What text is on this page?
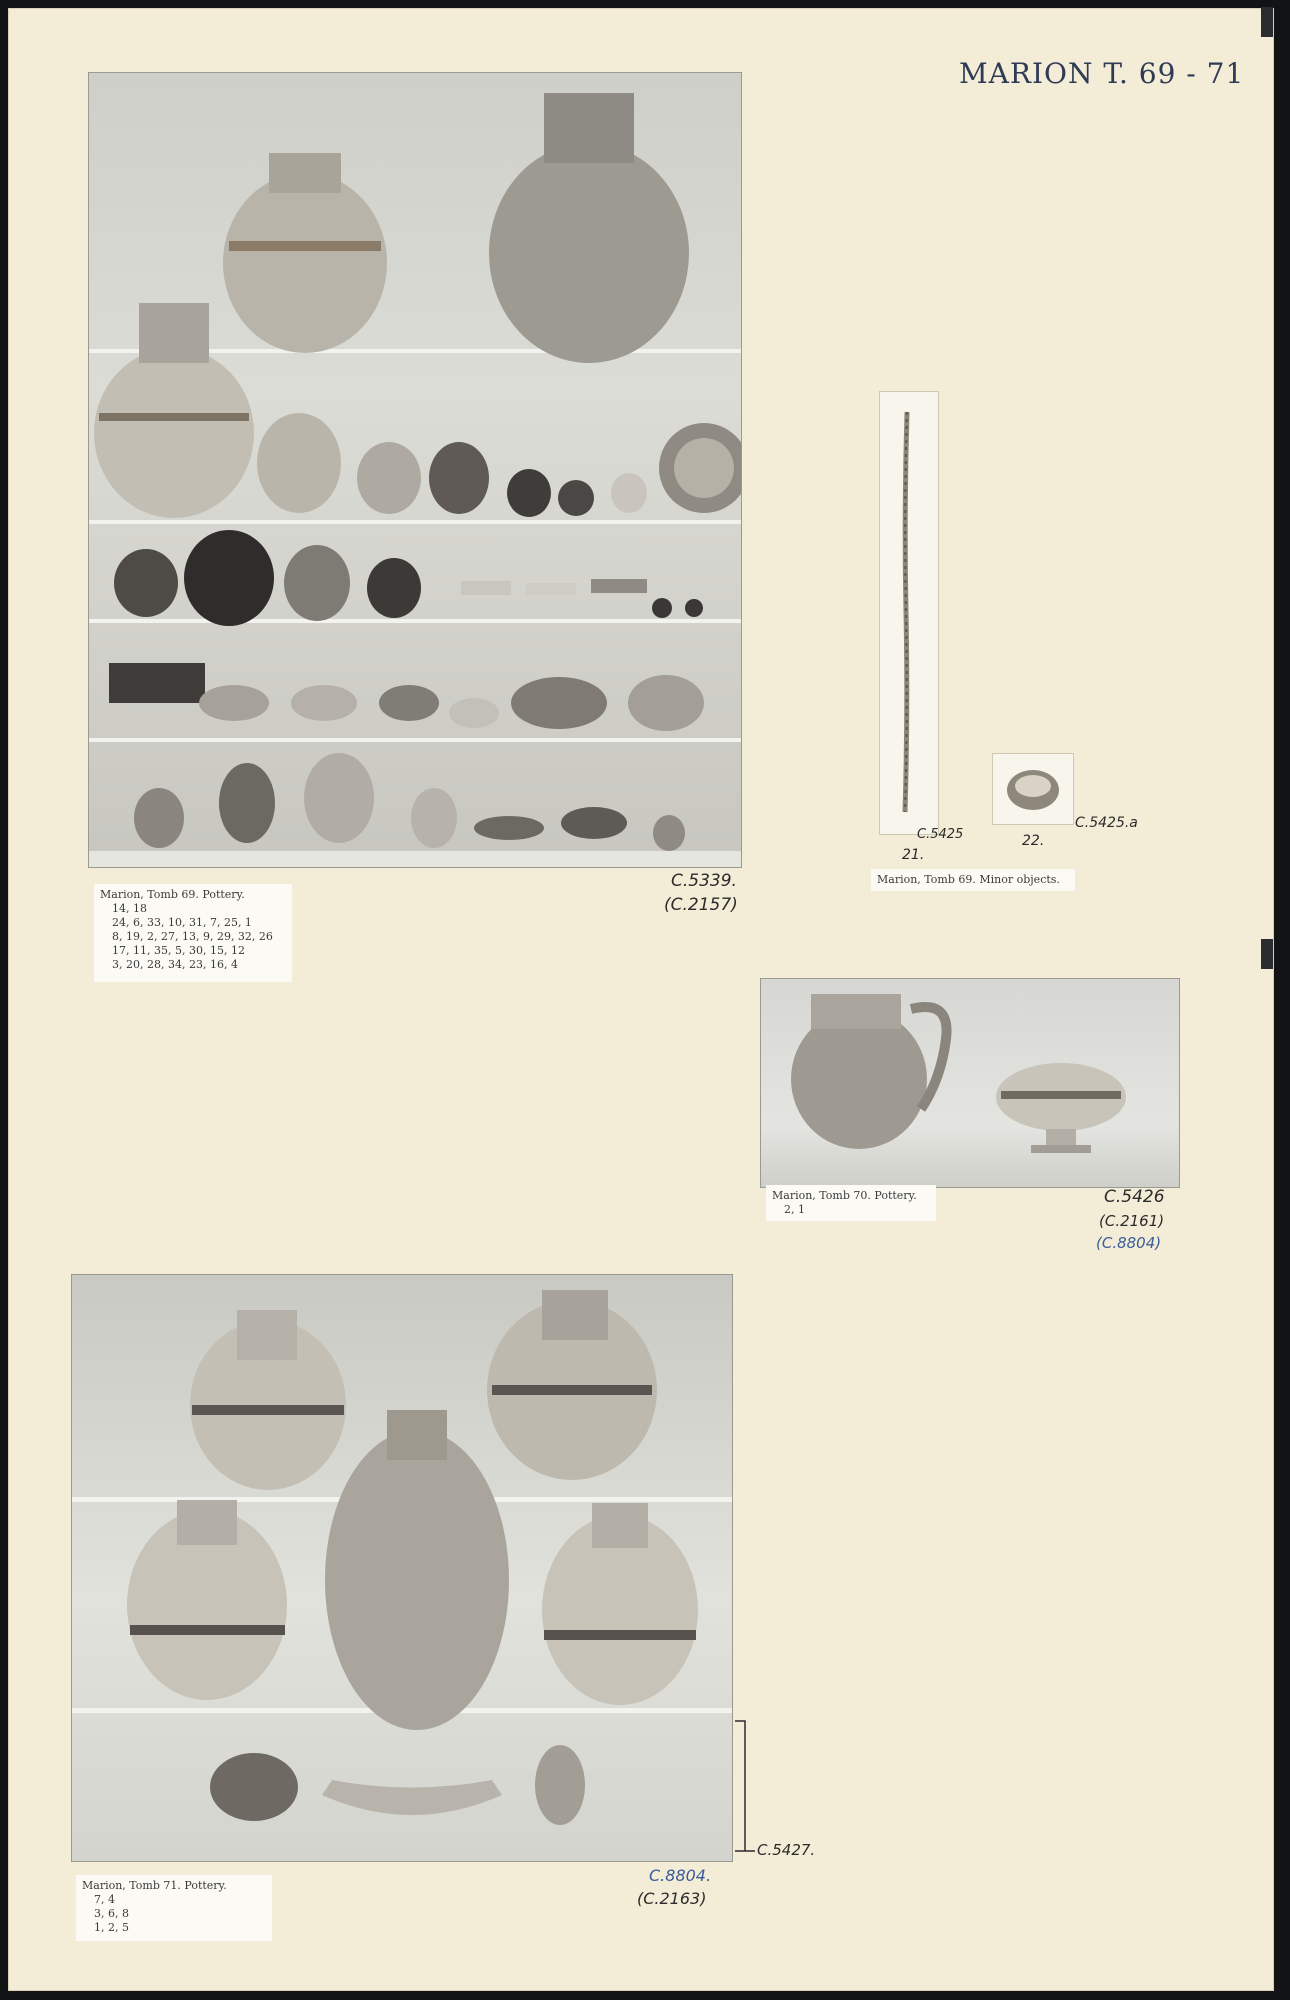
MARION T. 69 - 71
Marion, Tomb 69. Pottery.
14, 18
24, 6, 33, 10, 31, 7, 25, 1
8, 19, 2, 27, 13, 9, 29, 32, 26
17, 11, 35, 5, 30, 15, 12
3, 20, 28, 34, 23, 16, 4
C.5339.
(C.2157)
C.5425
21.
22.
C.5425.a
Marion, Tomb 69. Minor objects.
Marion, Tomb 70. Pottery.
2, 1
C.5426
(C.2161)
(C.8804)
C.5427.
Marion, Tomb 71. Pottery.
7, 4
3, 6, 8
1, 2, 5
C.8804.
(C.2163)
